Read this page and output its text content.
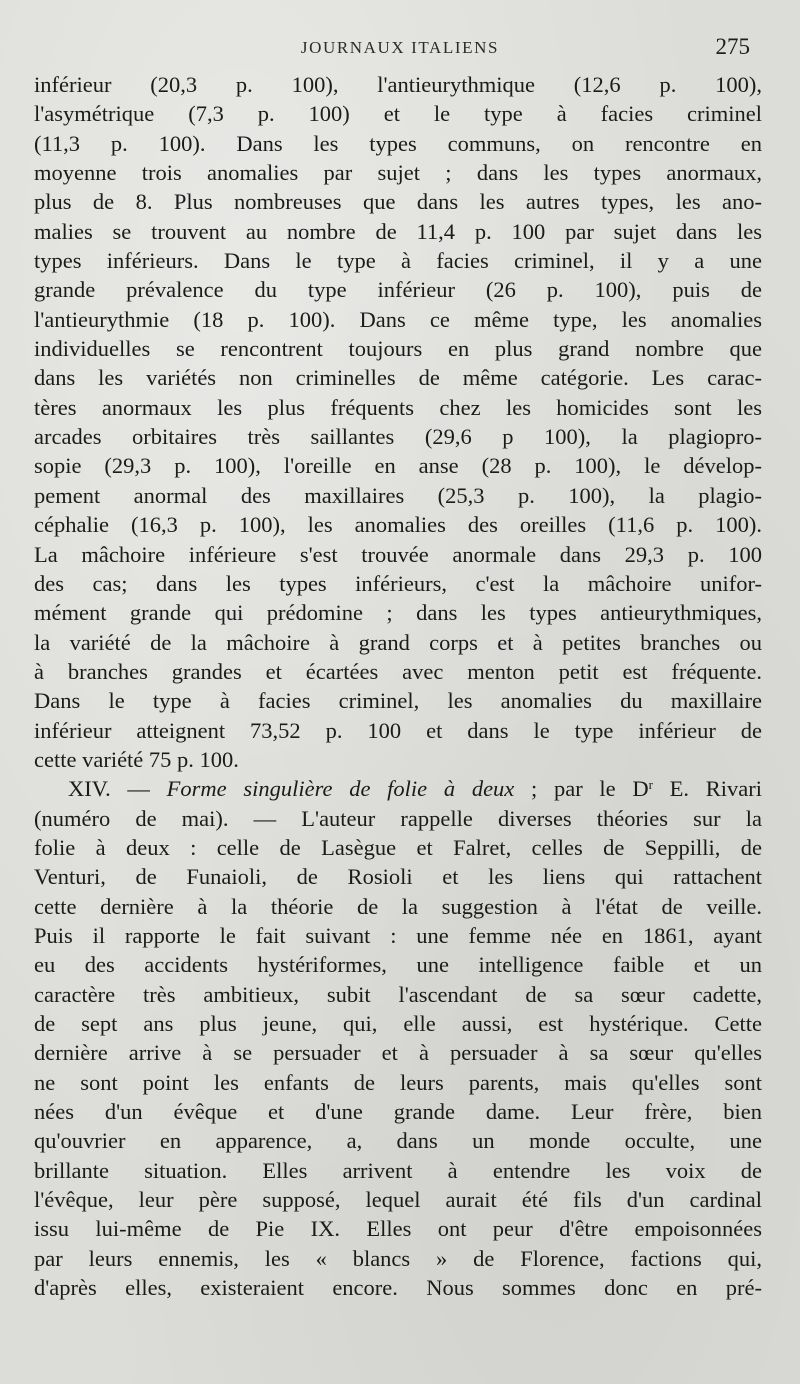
JOURNAUX ITALIENS	275
inférieur (20,3 p. 100), l'antieurythmique (12,6 p. 100),
l'asymétrique (7,3 p. 100) et le type à facies criminel
(11,3 p. 100). Dans les types communs, on rencontre en
moyenne trois anomalies par sujet ; dans les types anormaux,
plus de 8. Plus nombreuses que dans les autres types, les ano-
malies se trouvent au nombre de 11,4 p. 100 par sujet dans les
types inférieurs. Dans le type à facies criminel, il y a une
grande prévalence du type inférieur (26 p. 100), puis de
l'antieurythmie (18 p. 100). Dans ce même type, les anomalies
individuelles se rencontrent toujours en plus grand nombre que
dans les variétés non criminelles de même catégorie. Les carac-
tères anormaux les plus fréquents chez les homicides sont les
arcades orbitaires très saillantes (29,6 p 100), la plagiopro-
sopie (29,3 p. 100), l'oreille en anse (28 p. 100), le dévelop-
pement anormal des maxillaires (25,3 p. 100), la plagio-
céphalie (16,3 p. 100), les anomalies des oreilles (11,6 p. 100).
La mâchoire inférieure s'est trouvée anormale dans 29,3 p. 100
des cas; dans les types inférieurs, c'est la mâchoire unifor-
mément grande qui prédomine ; dans les types antieurythmiques,
la variété de la mâchoire à grand corps et à petites branches ou
à branches grandes et écartées avec menton petit est fréquente.
Dans le type à facies criminel, les anomalies du maxillaire
inférieur atteignent 73,52 p. 100 et dans le type inférieur de
cette variété 75 p. 100.
XIV. — Forme singulière de folie à deux ; par le $D^r$ E. Rivari
(numéro de mai). — L'auteur rappelle diverses théories sur la
folie à deux : celle de Lasègue et Falret, celles de Seppilli, de
Venturi, de Funaioli, de Rosioli et les liens qui rattachent
cette dernière à la théorie de la suggestion à l'état de veille.
Puis il rapporte le fait suivant : une femme née en 1861, ayant
eu des accidents hystériformes, une intelligence faible et un
caractère très ambitieux, subit l'ascendant de sa sœur cadette,
de sept ans plus jeune, qui, elle aussi, est hystérique. Cette
dernière arrive à se persuader et à persuader à sa sœur qu'elles
ne sont point les enfants de leurs parents, mais qu'elles sont
nées d'un évêque et d'une grande dame. Leur frère, bien
qu'ouvrier en apparence, a, dans un monde occulte, une
brillante situation. Elles arrivent à entendre les voix de
l'évêque, leur père supposé, lequel aurait été fils d'un cardinal
issu lui-même de Pie IX. Elles ont peur d'être empoisonnées
par leurs ennemis, les « blancs » de Florence, factions qui,
d'après elles, existeraient encore. Nous sommes donc en pré-
